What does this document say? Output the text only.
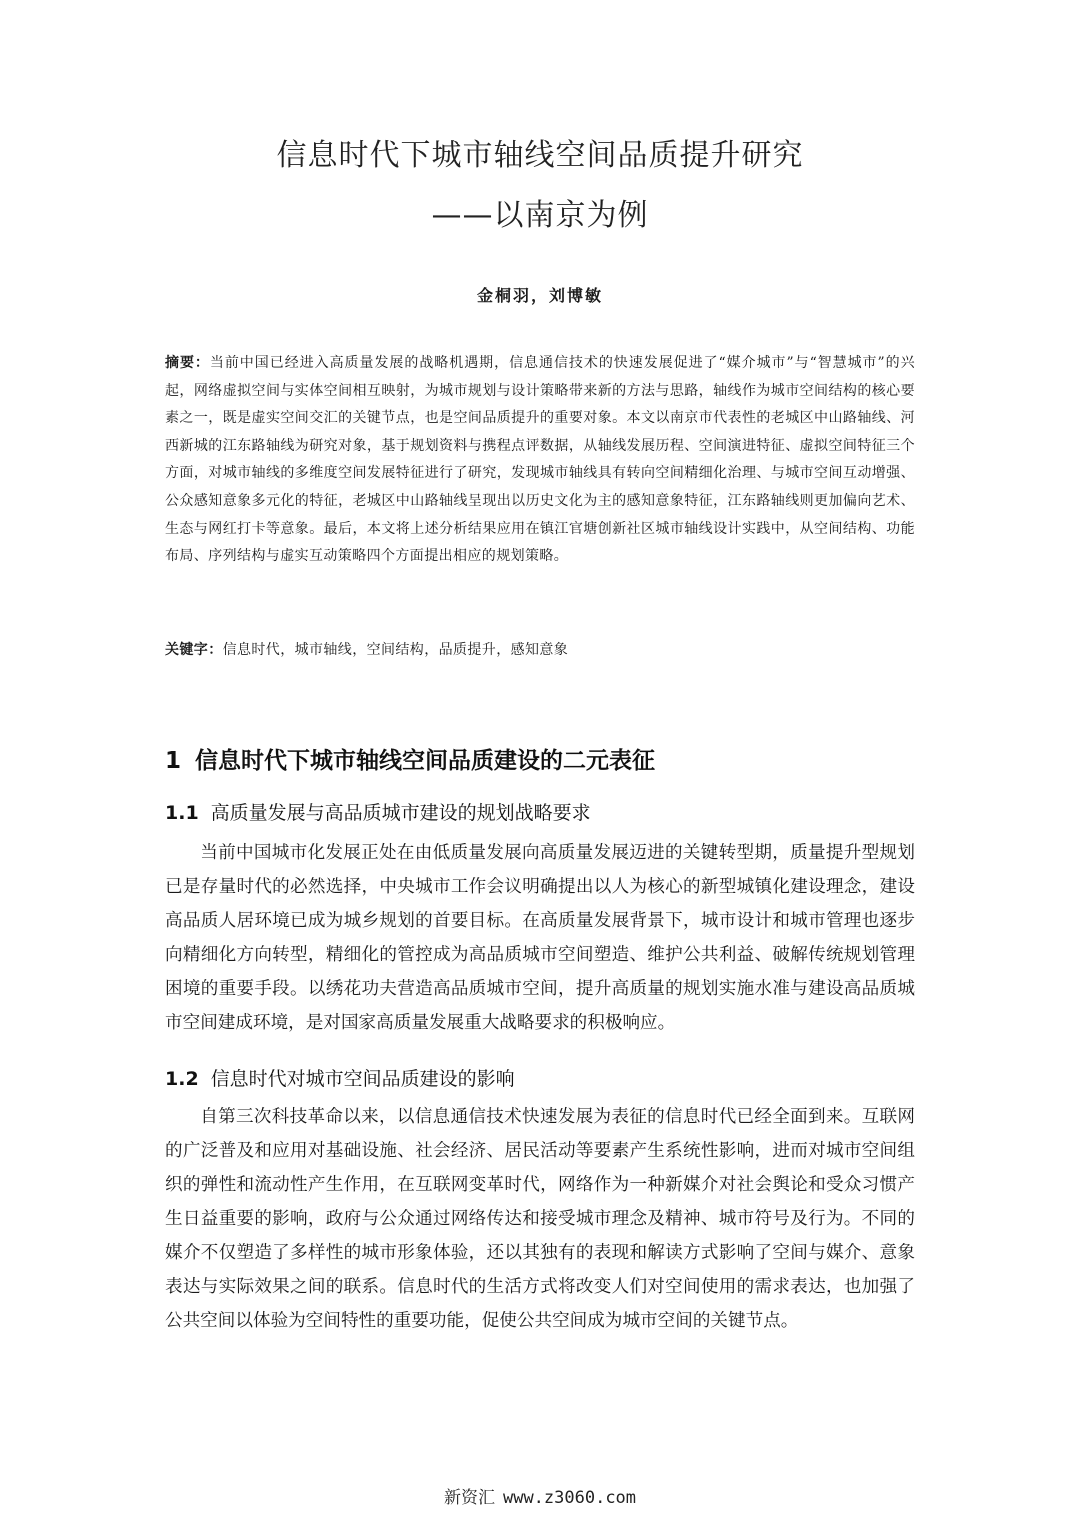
信息时代下城市轴线空间品质提升研究
——以南京为例
金桐羽，刘博敏
摘要：当前中国已经进入高质量发展的战略机遇期，信息通信技术的快速发展促进了“媒介城市”与“智慧城市”的兴起，网络虚拟空间与实体空间相互映射，为城市规划与设计策略带来新的方法与思路，轴线作为城市空间结构的核心要素之一，既是虚实空间交汇的关键节点，也是空间品质提升的重要对象。本文以南京市代表性的老城区中山路轴线、河西新城的江东路轴线为研究对象，基于规划资料与携程点评数据，从轴线发展历程、空间演进特征、虚拟空间特征三个方面，对城市轴线的多维度空间发展特征进行了研究，发现城市轴线具有转向空间精细化治理、与城市空间互动增强、公众感知意象多元化的特征，老城区中山路轴线呈现出以历史文化为主的感知意象特征，江东路轴线则更加偏向艺术、生态与网红打卡等意象。最后，本文将上述分析结果应用在镇江官塘创新社区城市轴线设计实践中，从空间结构、功能布局、序列结构与虚实互动策略四个方面提出相应的规划策略。
关键字：信息时代，城市轴线，空间结构，品质提升，感知意象
1 信息时代下城市轴线空间品质建设的二元表征
1.1 高质量发展与高品质城市建设的规划战略要求
当前中国城市化发展正处在由低质量发展向高质量发展迈进的关键转型期，质量提升型规划已是存量时代的必然选择，中央城市工作会议明确提出以人为核心的新型城镇化建设理念，建设高品质人居环境已成为城乡规划的首要目标。在高质量发展背景下，城市设计和城市管理也逐步向精细化方向转型，精细化的管控成为高品质城市空间塑造、维护公共利益、破解传统规划管理困境的重要手段。以绣花功夫营造高品质城市空间，提升高质量的规划实施水准与建设高品质城市空间建成环境，是对国家高质量发展重大战略要求的积极响应。
1.2 信息时代对城市空间品质建设的影响
自第三次科技革命以来，以信息通信技术快速发展为表征的信息时代已经全面到来。互联网的广泛普及和应用对基础设施、社会经济、居民活动等要素产生系统性影响，进而对城市空间组织的弹性和流动性产生作用，在互联网变革时代，网络作为一种新媒介对社会舆论和受众习惯产生日益重要的影响，政府与公众通过网络传达和接受城市理念及精神、城市符号及行为。不同的媒介不仅塑造了多样性的城市形象体验，还以其独有的表现和解读方式影响了空间与媒介、意象表达与实际效果之间的联系。信息时代的生活方式将改变人们对空间使用的需求表达，也加强了公共空间以体验为空间特性的重要功能，促使公共空间成为城市空间的关键节点。
新资汇 www.z3060.com
